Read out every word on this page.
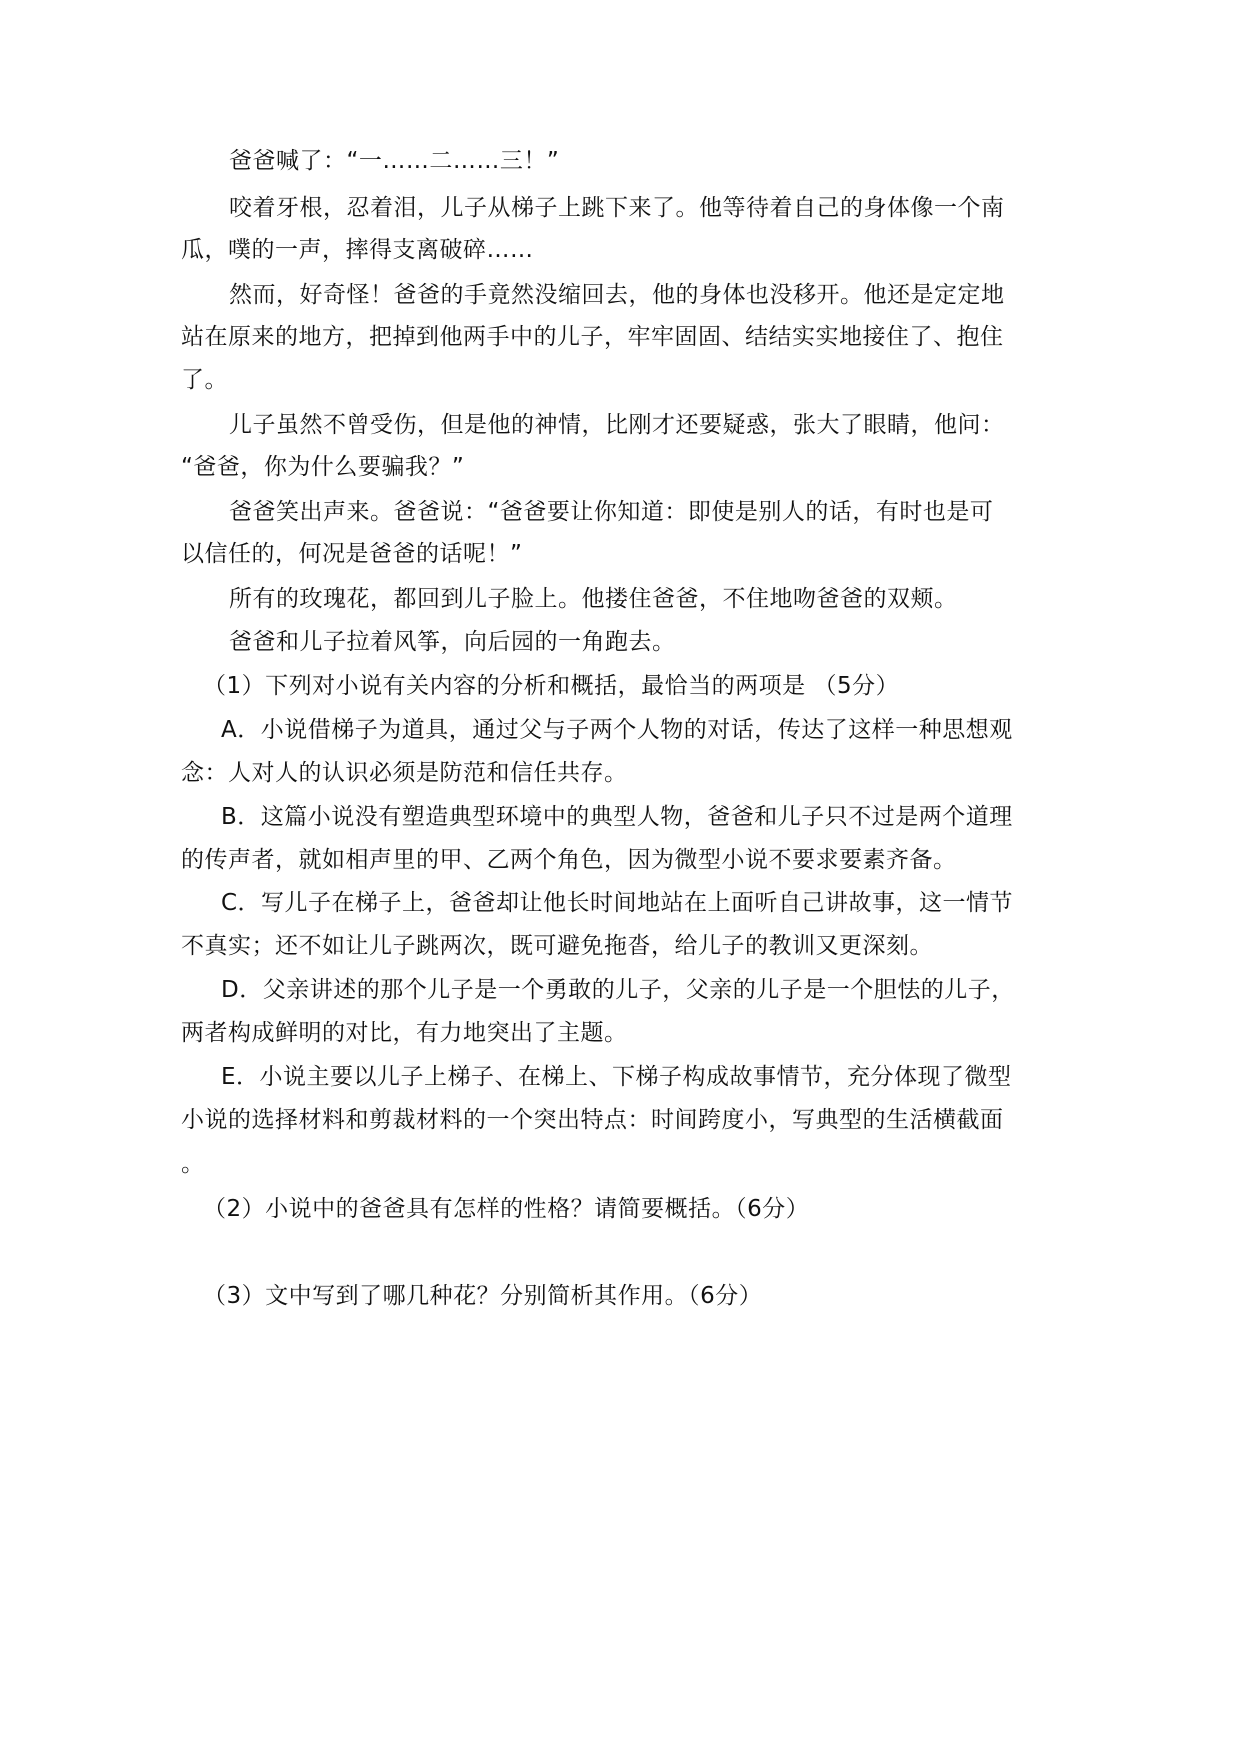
爸爸喊了：“一……二……三！”
咬着牙根，忍着泪，儿子从梯子上跳下来了。他等待着自己的身体像一个南
瓜，噗的一声，摔得支离破碎……
然而，好奇怪！爸爸的手竟然没缩回去，他的身体也没移开。他还是定定地
站在原来的地方，把掉到他两手中的儿子，牢牢固固、结结实实地接住了、抱住
了。
儿子虽然不曾受伤，但是他的神情，比刚才还要疑惑，张大了眼睛，他问：
“爸爸，你为什么要骗我？”
爸爸笑出声来。爸爸说：“爸爸要让你知道：即使是别人的话，有时也是可
以信任的，何况是爸爸的话呢！”
所有的玫瑰花，都回到儿子脸上。他搂住爸爸，不住地吻爸爸的双颊。
爸爸和儿子拉着风筝，向后园的一角跑去。
（1）下列对小说有关内容的分析和概括，最恰当的两项是 （5分）
A．小说借梯子为道具，通过父与子两个人物的对话，传达了这样一种思想观
念：人对人的认识必须是防范和信任共存。
B．这篇小说没有塑造典型环境中的典型人物，爸爸和儿子只不过是两个道理
的传声者，就如相声里的甲、乙两个角色，因为微型小说不要求要素齐备。
C．写儿子在梯子上，爸爸却让他长时间地站在上面听自己讲故事，这一情节
不真实；还不如让儿子跳两次，既可避免拖沓，给儿子的教训又更深刻。
D．父亲讲述的那个儿子是一个勇敢的儿子，父亲的儿子是一个胆怯的儿子，
两者构成鲜明的对比，有力地突出了主题。
E．小说主要以儿子上梯子、在梯上、下梯子构成故事情节，充分体现了微型
小说的选择材料和剪裁材料的一个突出特点：时间跨度小，写典型的生活横截面
。
（2）小说中的爸爸具有怎样的性格？请简要概括。（6分）
（3）文中写到了哪几种花？分别简析其作用。（6分）
